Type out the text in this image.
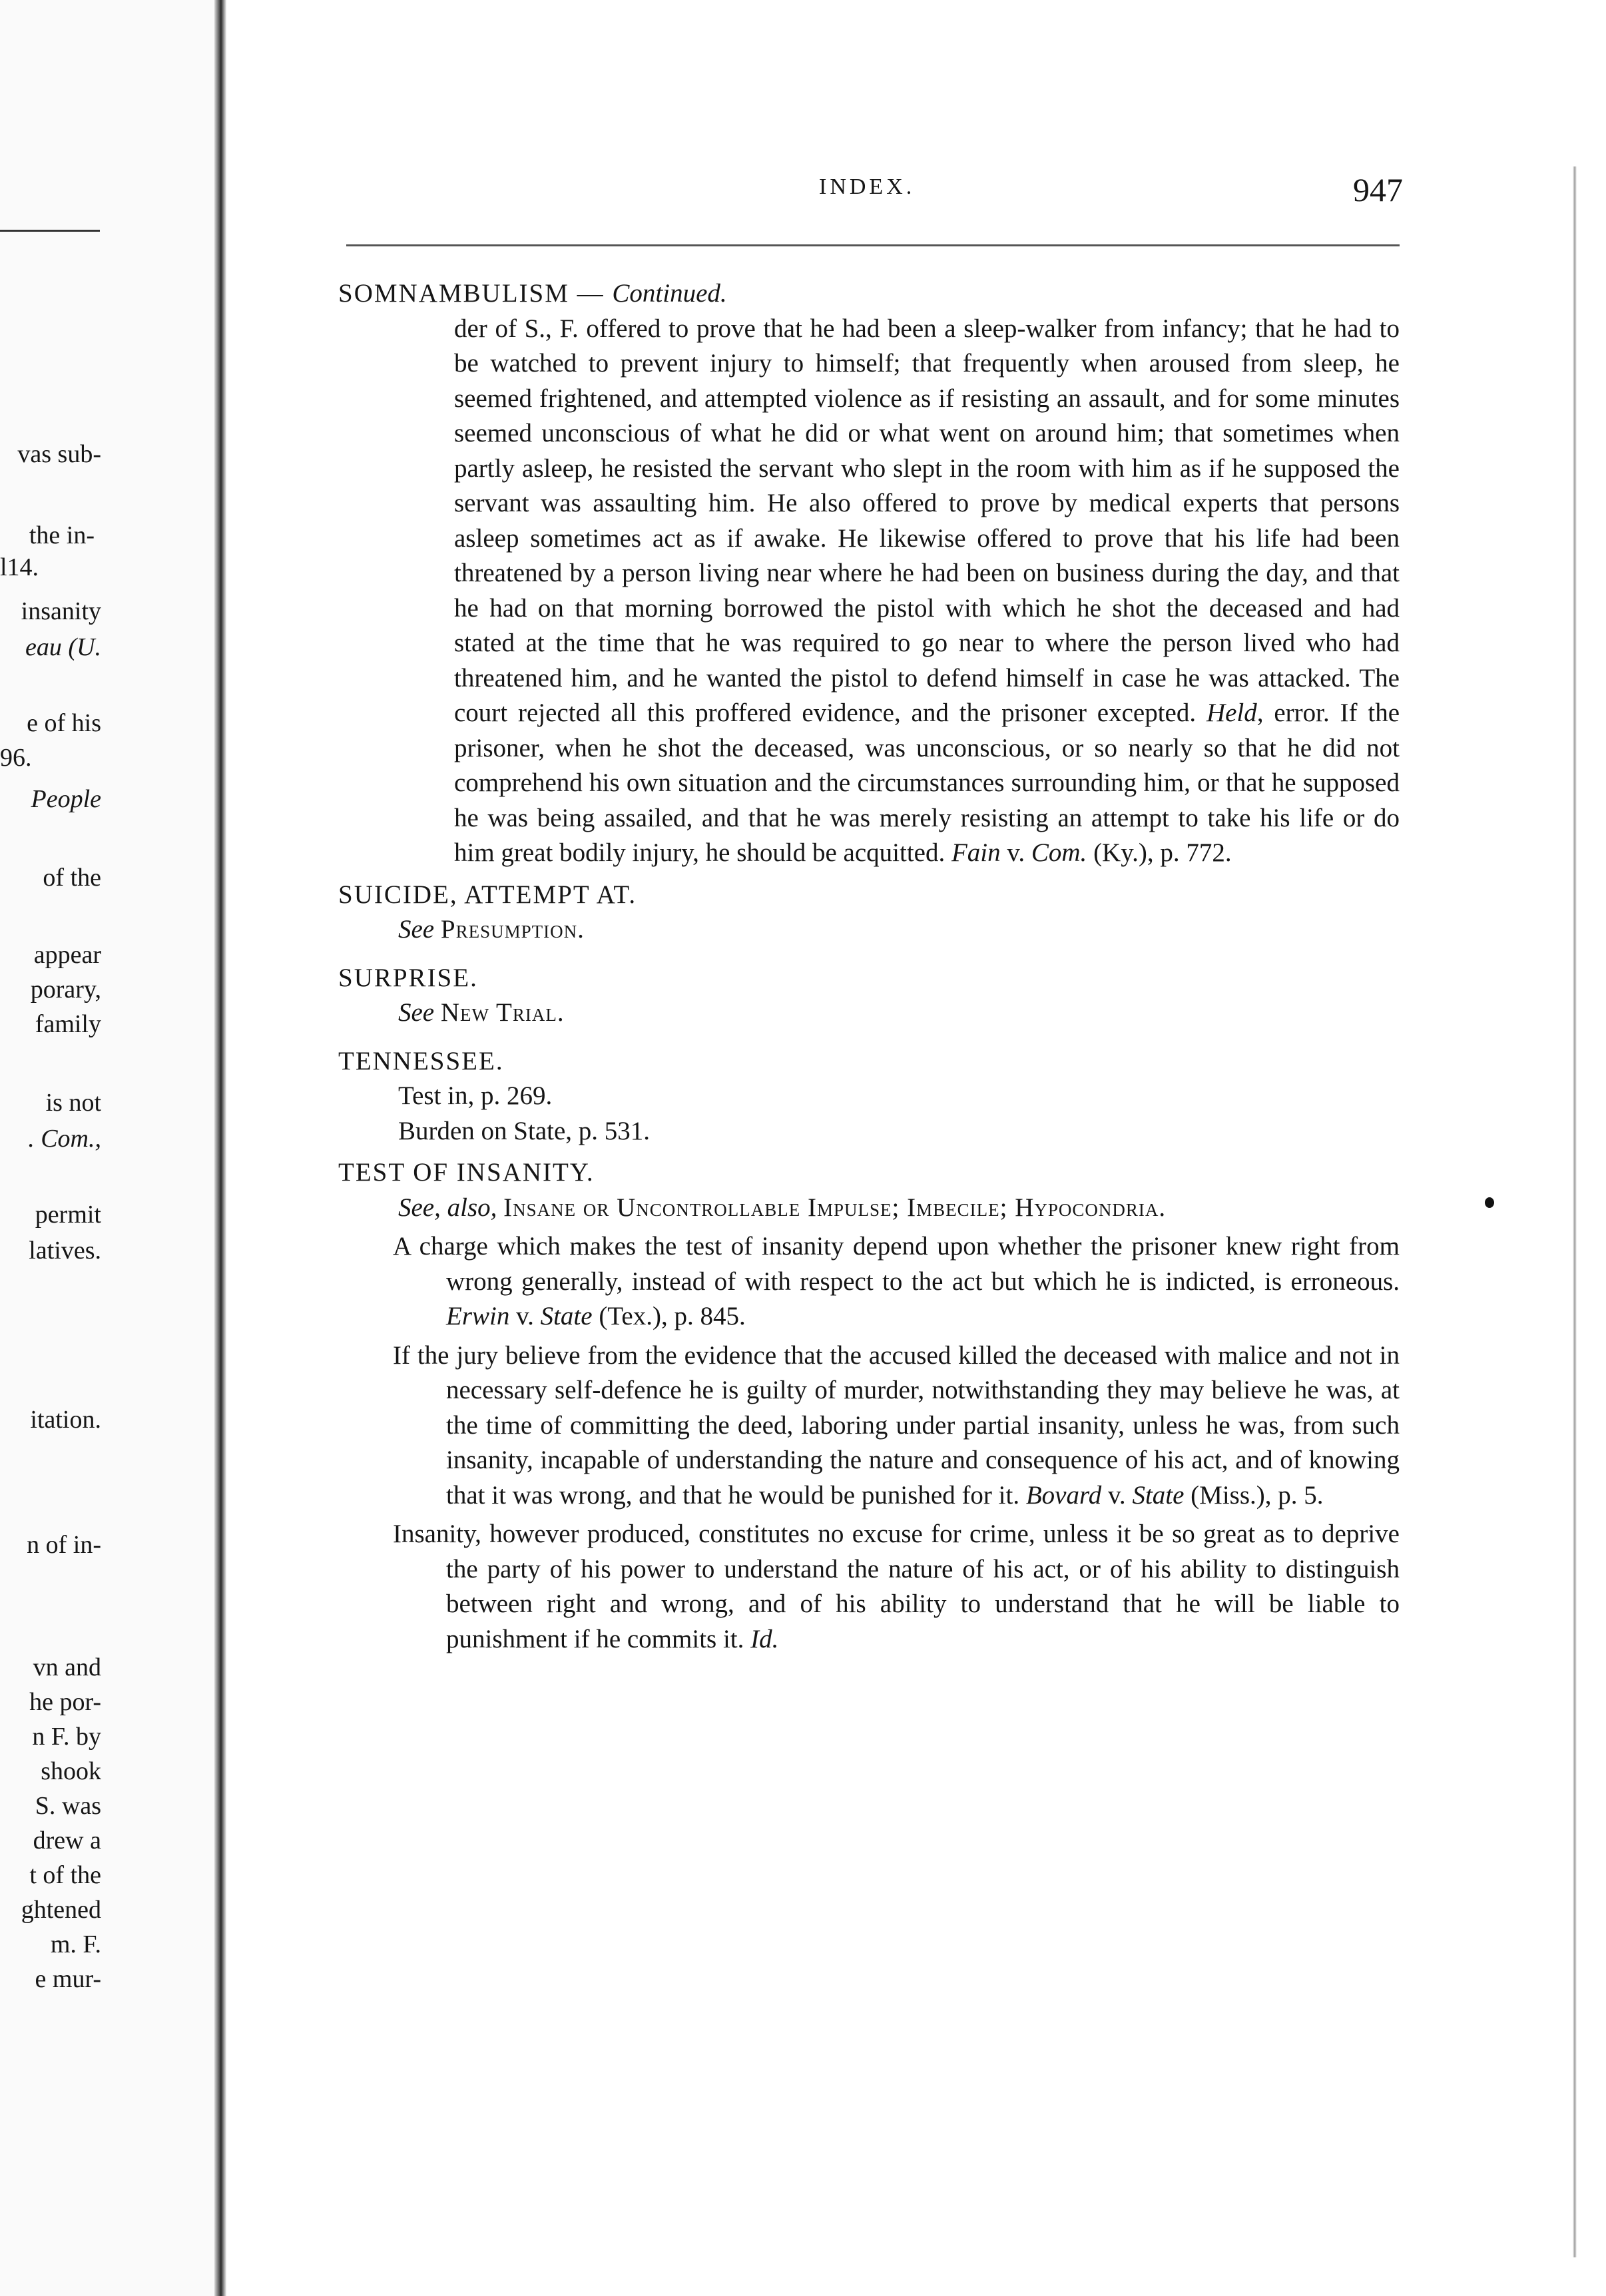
vas sub-
the in-
l14.
insanity
eau (U.
e of his
96.
People
of the
appear
porary,
family
is not
. Com.,
permit
latives.
itation.
n of in-
vn and
he por-
n F. by
shook
S. was
drew a
t of the
ghtened
m. F.
e mur-
INDEX.	947

SOMNAMBULISM — Continued.

der of S., F. offered to prove that he had been a sleep-walker from infancy; that he had to be watched to prevent injury to himself; that frequently when aroused from sleep, he seemed frightened, and attempted violence as if resisting an assault, and for some minutes seemed unconscious of what he did or what went on around him; that sometimes when partly asleep, he resisted the servant who slept in the room with him as if he supposed the servant was assaulting him. He also offered to prove by medical experts that persons asleep sometimes act as if awake. He likewise offered to prove that his life had been threatened by a person living near where he had been on business during the day, and that he had on that morning borrowed the pistol with which he shot the deceased and had stated at the time that he was required to go near to where the person lived who had threatened him, and he wanted the pistol to defend himself in case he was attacked. The court rejected all this proffered evidence, and the prisoner excepted. Held, error. If the prisoner, when he shot the deceased, was unconscious, or so nearly so that he did not comprehend his own situation and the circumstances surrounding him, or that he supposed he was being assailed, and that he was merely resisting an attempt to take his life or do him great bodily injury, he should be acquitted. Fain v. Com. (Ky.), p. 772.

SUICIDE, ATTEMPT AT.

See Presumption.

SURPRISE.

See New Trial.

TENNESSEE.

Test in, p. 269.

Burden on State, p. 531.

TEST OF INSANITY.

See, also, Insane or Uncontrollable Impulse; Imbecile; Hypocondria.

A charge which makes the test of insanity depend upon whether the prisoner knew right from wrong generally, instead of with respect to the act but which he is indicted, is erroneous. Erwin v. State (Tex.), p. 845.

If the jury believe from the evidence that the accused killed the deceased with malice and not in necessary self-defence he is guilty of murder, notwithstanding they may believe he was, at the time of committing the deed, laboring under partial insanity, unless he was, from such insanity, incapable of understanding the nature and consequence of his act, and of knowing that it was wrong, and that he would be punished for it. Bovard v. State (Miss.), p. 5.

Insanity, however produced, constitutes no excuse for crime, unless it be so great as to deprive the party of his power to understand the nature of his act, or of his ability to distinguish between right and wrong, and of his ability to understand that he will be liable to punishment if he commits it. Id.
